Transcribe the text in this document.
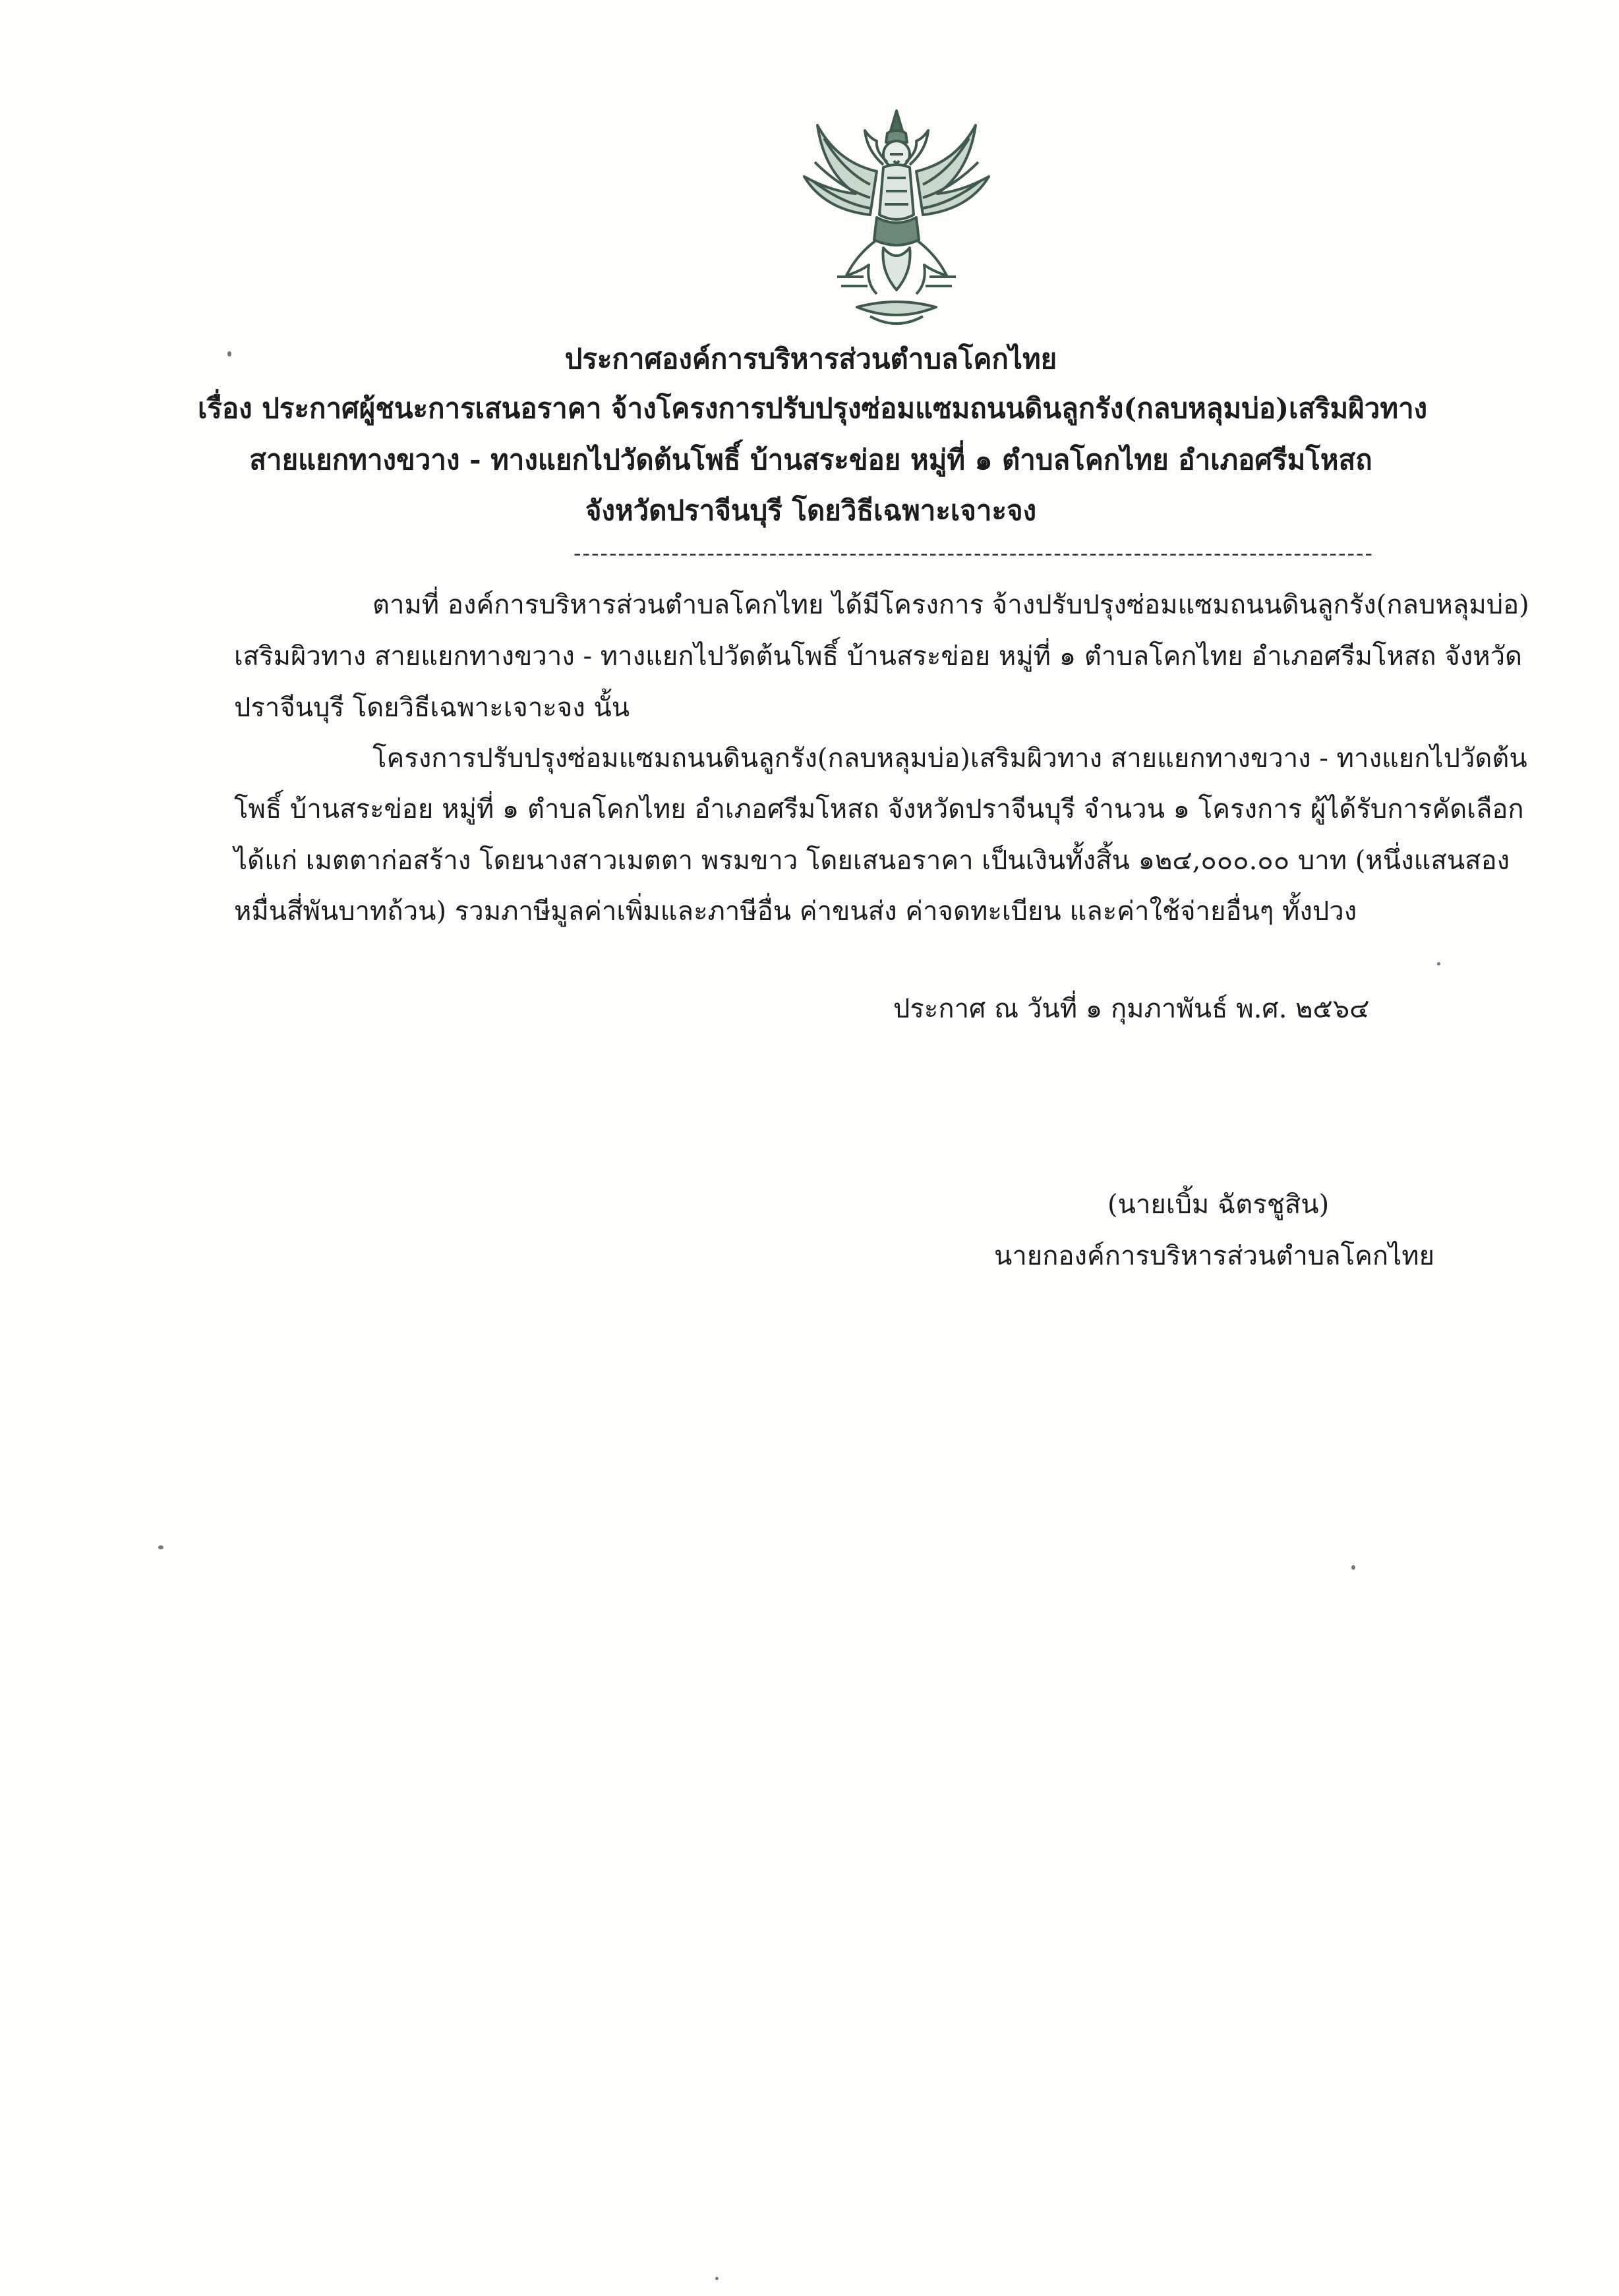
ประกาศองค์การบริหารส่วนตำบลโคกไทย
เรื่อง ประกาศผู้ชนะการเสนอราคา จ้างโครงการปรับปรุงซ่อมแซมถนนดินลูกรัง(กลบหลุมบ่อ)เสริมผิวทาง
สายแยกทางขวาง - ทางแยกไปวัดต้นโพธิ์ บ้านสระข่อย หมู่ที่ ๑ ตำบลโคกไทย อำเภอศรีมโหสถ
จังหวัดปราจีนบุรี โดยวิธีเฉพาะเจาะจง
------------------------------------------------------------------------------------------
ตามที่ องค์การบริหารส่วนตำบลโคกไทย ได้มีโครงการ จ้างปรับปรุงซ่อมแซมถนนดินลูกรัง(กลบหลุมบ่อ)
เสริมผิวทาง สายแยกทางขวาง - ทางแยกไปวัดต้นโพธิ์ บ้านสระข่อย หมู่ที่ ๑ ตำบลโคกไทย อำเภอศรีมโหสถ จังหวัด
ปราจีนบุรี โดยวิธีเฉพาะเจาะจง นั้น
โครงการปรับปรุงซ่อมแซมถนนดินลูกรัง(กลบหลุมบ่อ)เสริมผิวทาง สายแยกทางขวาง - ทางแยกไปวัดต้น
โพธิ์ บ้านสระข่อย หมู่ที่ ๑ ตำบลโคกไทย อำเภอศรีมโหสถ จังหวัดปราจีนบุรี จำนวน ๑ โครงการ ผู้ได้รับการคัดเลือก
ได้แก่ เมตตาก่อสร้าง โดยนางสาวเมตตา พรมขาว โดยเสนอราคา เป็นเงินทั้งสิ้น ๑๒๔,๐๐๐.๐๐ บาท (หนึ่งแสนสอง
หมื่นสี่พันบาทถ้วน) รวมภาษีมูลค่าเพิ่มและภาษีอื่น ค่าขนส่ง ค่าจดทะเบียน และค่าใช้จ่ายอื่นๆ ทั้งปวง
ประกาศ ณ วันที่ ๑ กุมภาพันธ์ พ.ศ. ๒๕๖๔
(นายเบิ้ม ฉัตรชูสิน)
นายกองค์การบริหารส่วนตำบลโคกไทย
